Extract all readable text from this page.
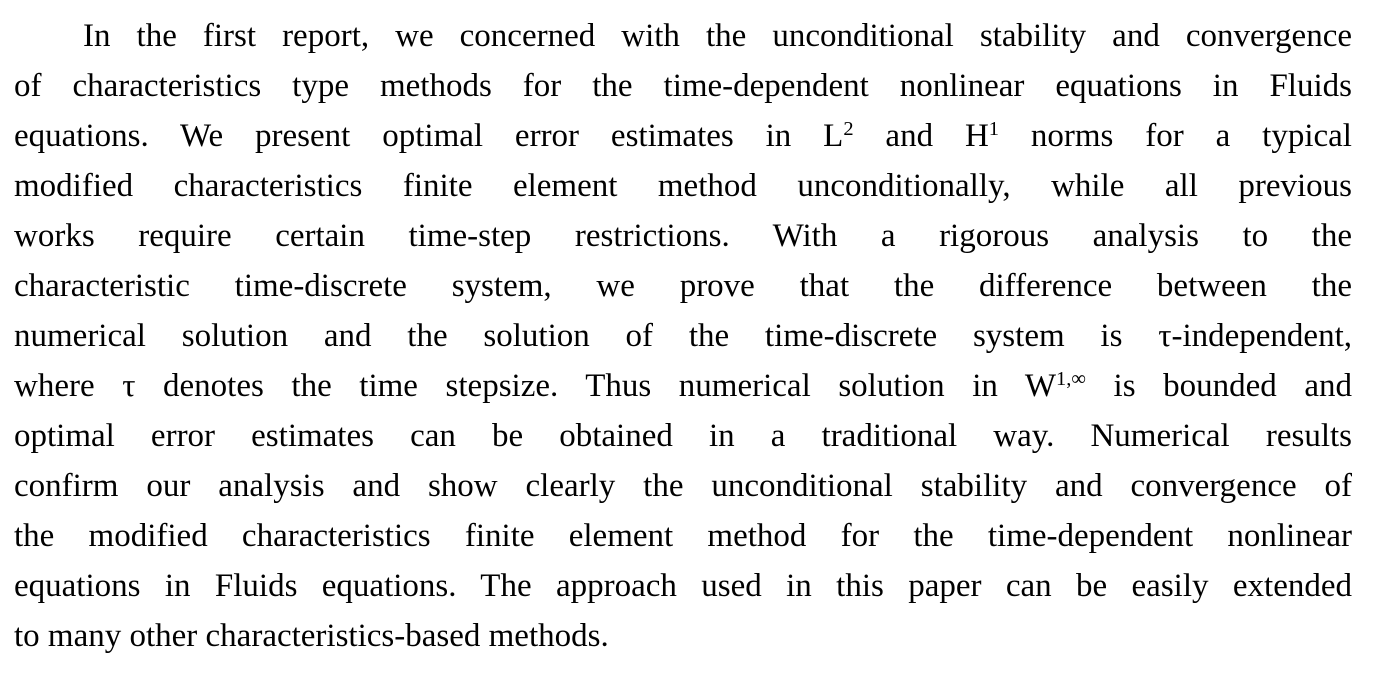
In the first report, we concerned with the unconditional stability and convergence
of characteristics type methods for the time-dependent nonlinear equations in Fluids
equations. We present optimal error estimates in $L^2$ and $H^1$ norms for a typical
modified characteristics finite element method unconditionally, while all previous
works require certain time-step restrictions. With a rigorous analysis to the
characteristic time-discrete system, we prove that the difference between the
numerical solution and the solution of the time-discrete system is τ-independent,
where τ denotes the time stepsize. Thus numerical solution in $W^{1,\infty}$ is bounded and
optimal error estimates can be obtained in a traditional way. Numerical results
confirm our analysis and show clearly the unconditional stability and convergence of
the modified characteristics finite element method for the time-dependent nonlinear
equations in Fluids equations. The approach used in this paper can be easily extended
to many other characteristics-based methods.
